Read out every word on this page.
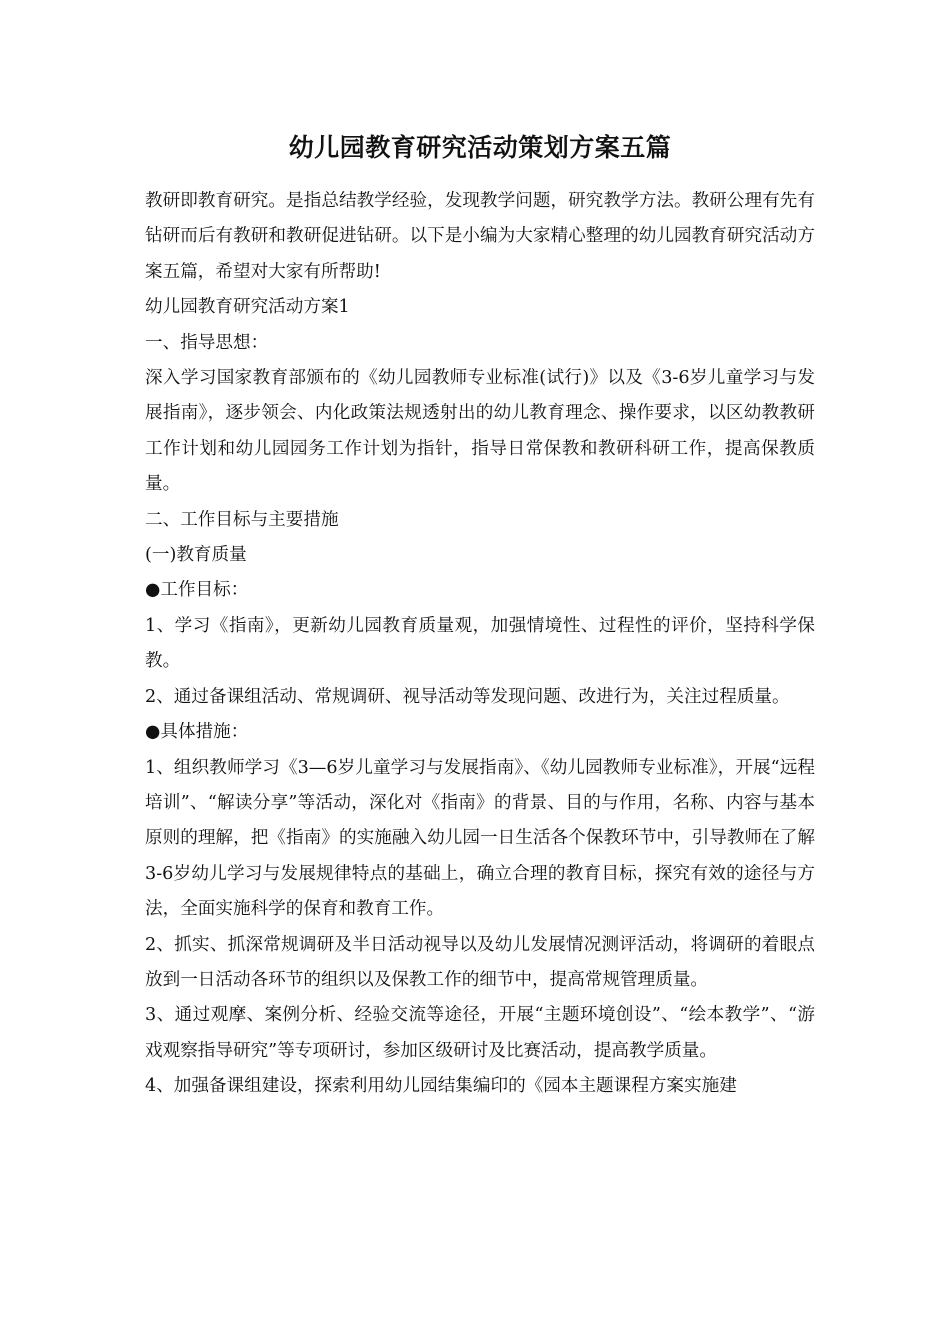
幼儿园教育研究活动策划方案五篇

教研即教育研究。是指总结教学经验，发现教学问题，研究教学方法。教研公理有先有钻研而后有教研和教研促进钻研。以下是小编为大家精心整理的幼儿园教育研究活动方案五篇，希望对大家有所帮助!

幼儿园教育研究活动方案1

一、指导思想：

深入学习国家教育部颁布的《幼儿园教师专业标准(试行)》以及《3-6岁儿童学习与发展指南》，逐步领会、内化政策法规透射出的幼儿教育理念、操作要求，以区幼教教研工作计划和幼儿园园务工作计划为指针，指导日常保教和教研科研工作，提高保教质量。

二、工作目标与主要措施

(一)教育质量

●工作目标：

1、学习《指南》，更新幼儿园教育质量观，加强情境性、过程性的评价，坚持科学保教。

2、通过备课组活动、常规调研、视导活动等发现问题、改进行为，关注过程质量。

●具体措施：

1、组织教师学习《3—6岁儿童学习与发展指南》、《幼儿园教师专业标准》，开展“远程培训”、“解读分享”等活动，深化对《指南》的背景、目的与作用，名称、内容与基本原则的理解，把《指南》的实施融入幼儿园一日生活各个保教环节中，引导教师在了解3-6岁幼儿学习与发展规律特点的基础上，确立合理的教育目标，探究有效的途径与方法，全面实施科学的保育和教育工作。

2、抓实、抓深常规调研及半日活动视导以及幼儿发展情况测评活动，将调研的着眼点放到一日活动各环节的组织以及保教工作的细节中，提高常规管理质量。

3、通过观摩、案例分析、经验交流等途径，开展“主题环境创设”、“绘本教学”、“游戏观察指导研究”等专项研讨，参加区级研讨及比赛活动，提高教学质量。

4、加强备课组建设，探索利用幼儿园结集编印的《园本主题课程方案实施建
